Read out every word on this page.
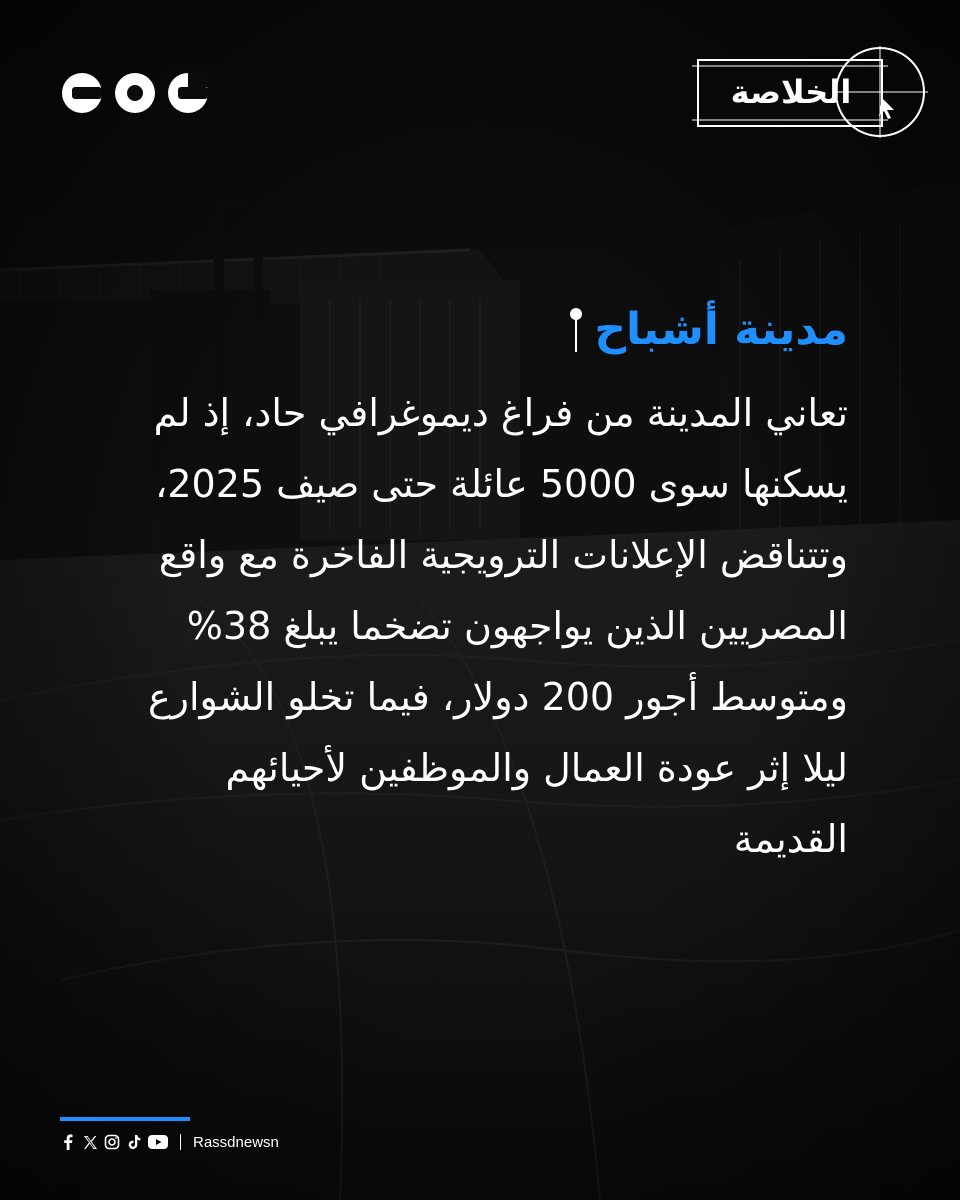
الخلاصة
مدينة أشباح

تعاني المدينة من فراغ ديموغرافي حاد، إذ لم يسكنها سوى 5000 عائلة حتى صيف 2025، وتتناقض الإعلانات الترويجية الفاخرة مع واقع المصريين الذين يواجهون تضخما يبلغ 38% ومتوسط أجور 200 دولار، فيما تخلو الشوارع ليلا إثر عودة العمال والموظفين لأحيائهم القديمة

Rassdnewsn
